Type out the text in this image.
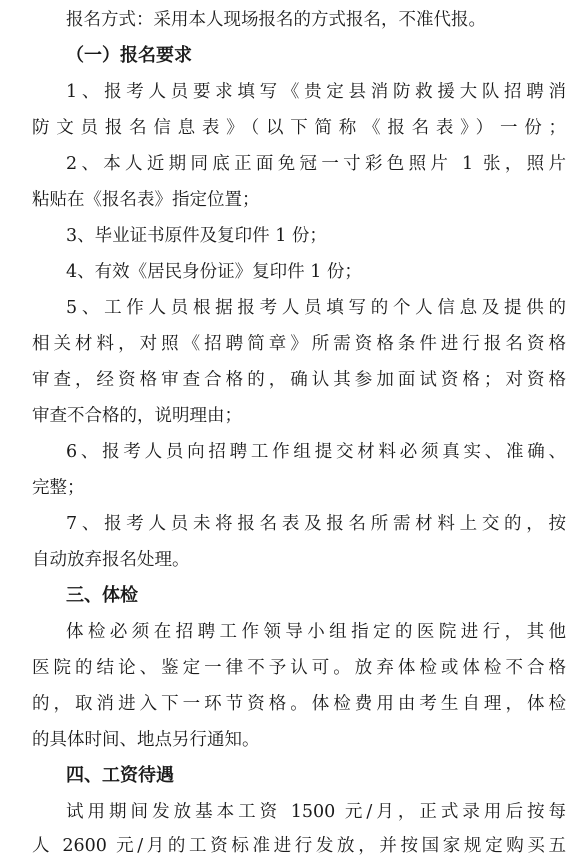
报名方式：采用本人现场报名的方式报名，不准代报。
（一）报名要求
1、报考人员要求填写《贵定县消防救援大队招聘消
防文员报名信息表》（以下简称《报名表》）一份；
2、本人近期同底正面免冠一寸彩色照片 1 张，照片
粘贴在《报名表》指定位置；
3、毕业证书原件及复印件 1 份；
4、有效《居民身份证》复印件 1 份；
5、工作人员根据报考人员填写的个人信息及提供的
相关材料，对照《招聘简章》所需资格条件进行报名资格
审查，经资格审查合格的，确认其参加面试资格；对资格
审查不合格的，说明理由；
6、报考人员向招聘工作组提交材料必须真实、准确、
完整；
7、报考人员未将报名表及报名所需材料上交的，按
自动放弃报名处理。
三、体检
体检必须在招聘工作领导小组指定的医院进行，其他
医院的结论、鉴定一律不予认可。放弃体检或体检不合格
的，取消进入下一环节资格。体检费用由考生自理，体检
的具体时间、地点另行通知。
四、工资待遇
试用期间发放基本工资 1500 元/月，正式录用后按每
人 2600 元/月的工资标准进行发放，并按国家规定购买五
